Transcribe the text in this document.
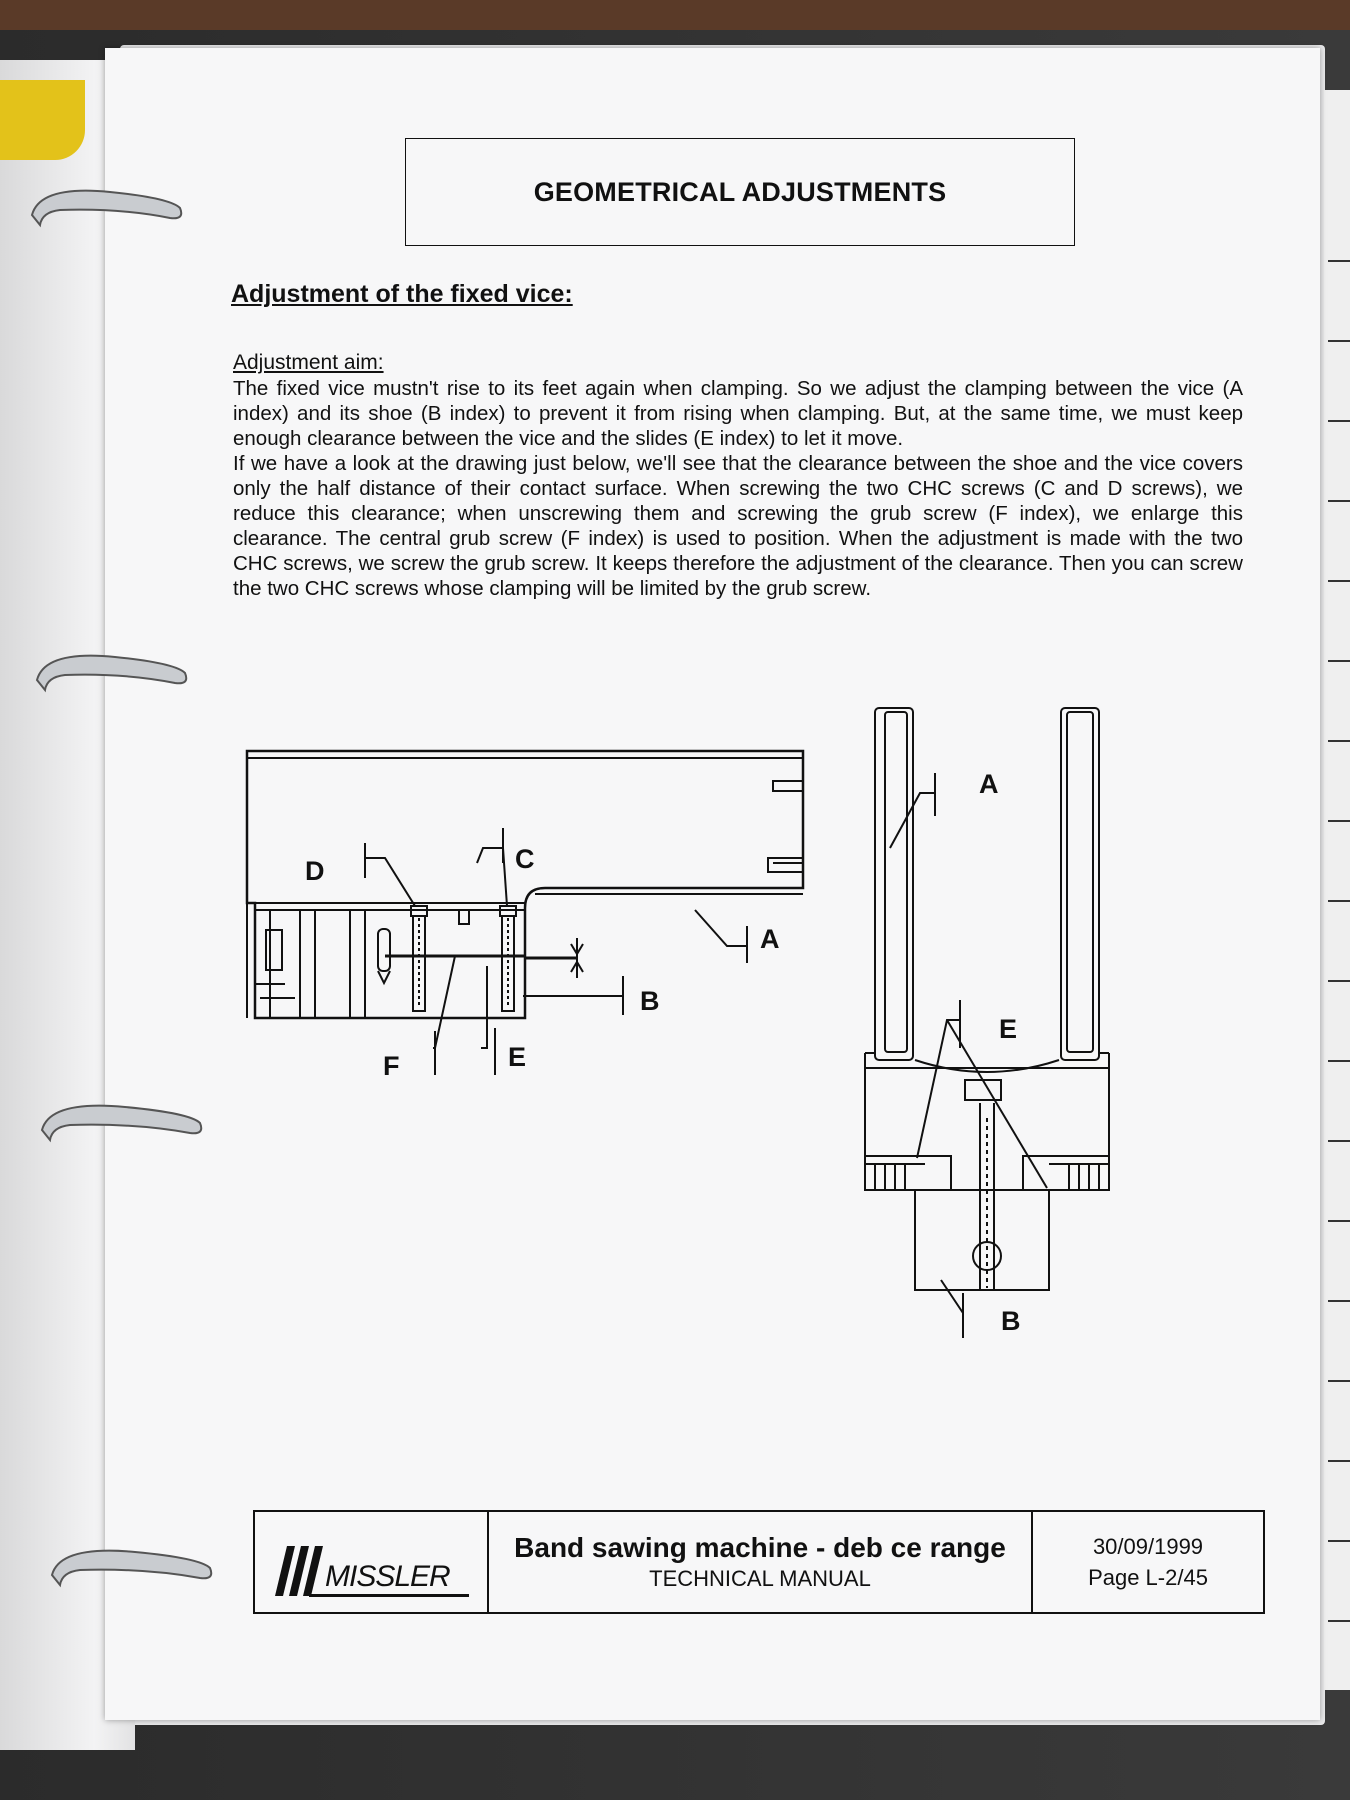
GEOMETRICAL ADJUSTMENTS
Adjustment of the fixed vice:
Adjustment aim:

The fixed vice mustn't rise to its feet again when clamping. So we adjust the clamping between the vice (A index) and its shoe (B index) to prevent it from rising when clamping. But, at the same time, we must keep enough clearance between the vice and the slides (E index) to let it move.

If we have a look at the drawing just below, we'll see that the clearance between the shoe and the vice covers only the half distance of their contact surface. When screwing the two CHC screws (C and D screws), we reduce this clearance; when unscrewing them and screwing the grub screw (F index), we enlarge this clearance. The central grub screw (F index) is used to position. When the adjustment is made with the two CHC screws, we screw the grub screw. It keeps therefore the adjustment of the clearance. Then you can screw the two CHC screws whose clamping will be limited by the grub screw.

D	C
A
B
F	E
A
E
B
MISSLER
Band sawing machine - deb ce range
TECHNICAL MANUAL
30/09/1999
Page L-2/45
